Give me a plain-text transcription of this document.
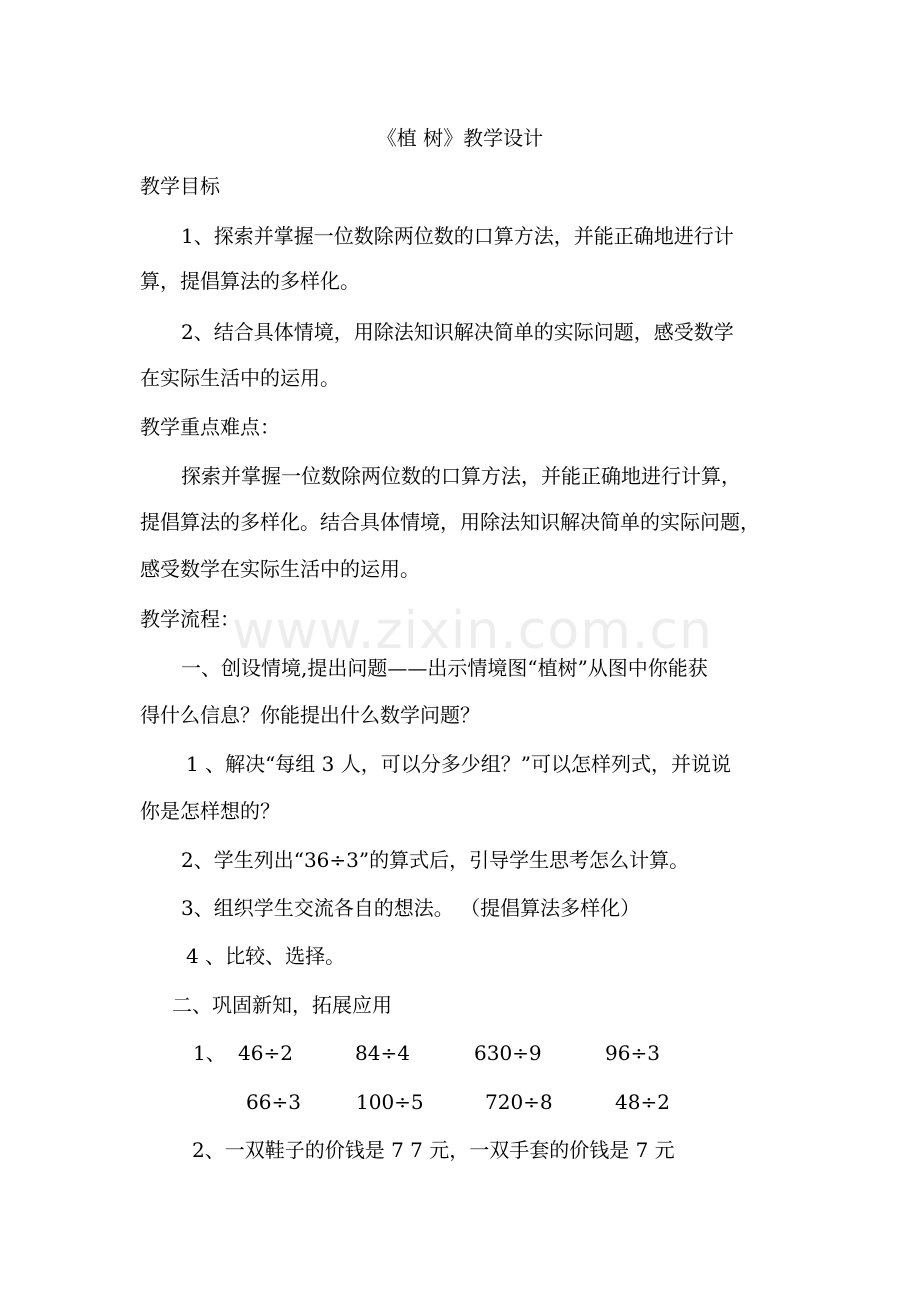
www.zixin.com.cn
《植 树》教学设计
教学目标
1、探索并掌握一位数除两位数的口算方法，并能正确地进行计
算，提倡算法的多样化。
2、结合具体情境，用除法知识解决简单的实际问题，感受数学
在实际生活中的运用。
教学重点难点：
探索并掌握一位数除两位数的口算方法，并能正确地进行计算，
提倡算法的多样化。结合具体情境，用除法知识解决简单的实际问题，
感受数学在实际生活中的运用。
教学流程：
一、创设情境,提出问题——出示情境图“植树”从图中你能获
得什么信息？你能提出什么数学问题？
1 、解决“每组 3 人，可以分多少组？”可以怎样列式，并说说
你是怎样想的？
2、学生列出“36÷3”的算式后，引导学生思考怎么计算。
3、组织学生交流各自的想法。 （提倡算法多样化）
4 、比较、选择。
二、巩固新知，拓展应用
1、 46÷2	84÷4	630÷9	96÷3
66÷3	100÷5	720÷8	48÷2
2、一双鞋子的价钱是 7 7 元，一双手套的价钱是 7 元
